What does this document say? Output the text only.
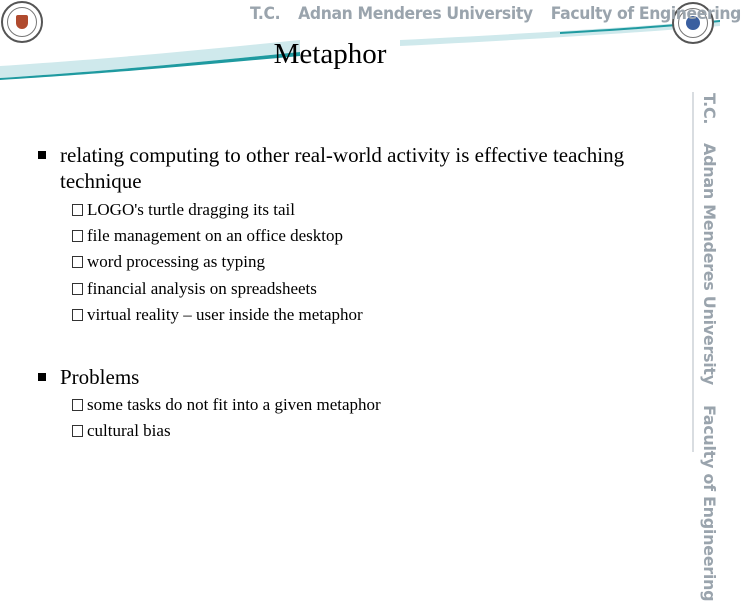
T.C. Adnan Menderes University Faculty of Engineering
Metaphor
T.C. Adnan Menderes University Faculty of Engineering
relating computing to other real-world activity is effective teaching technique
LOGO's turtle dragging its tail
file management on an office desktop
word processing as typing
financial analysis on spreadsheets
virtual reality – user inside the metaphor
Problems
some tasks do not fit into a given metaphor
cultural bias
